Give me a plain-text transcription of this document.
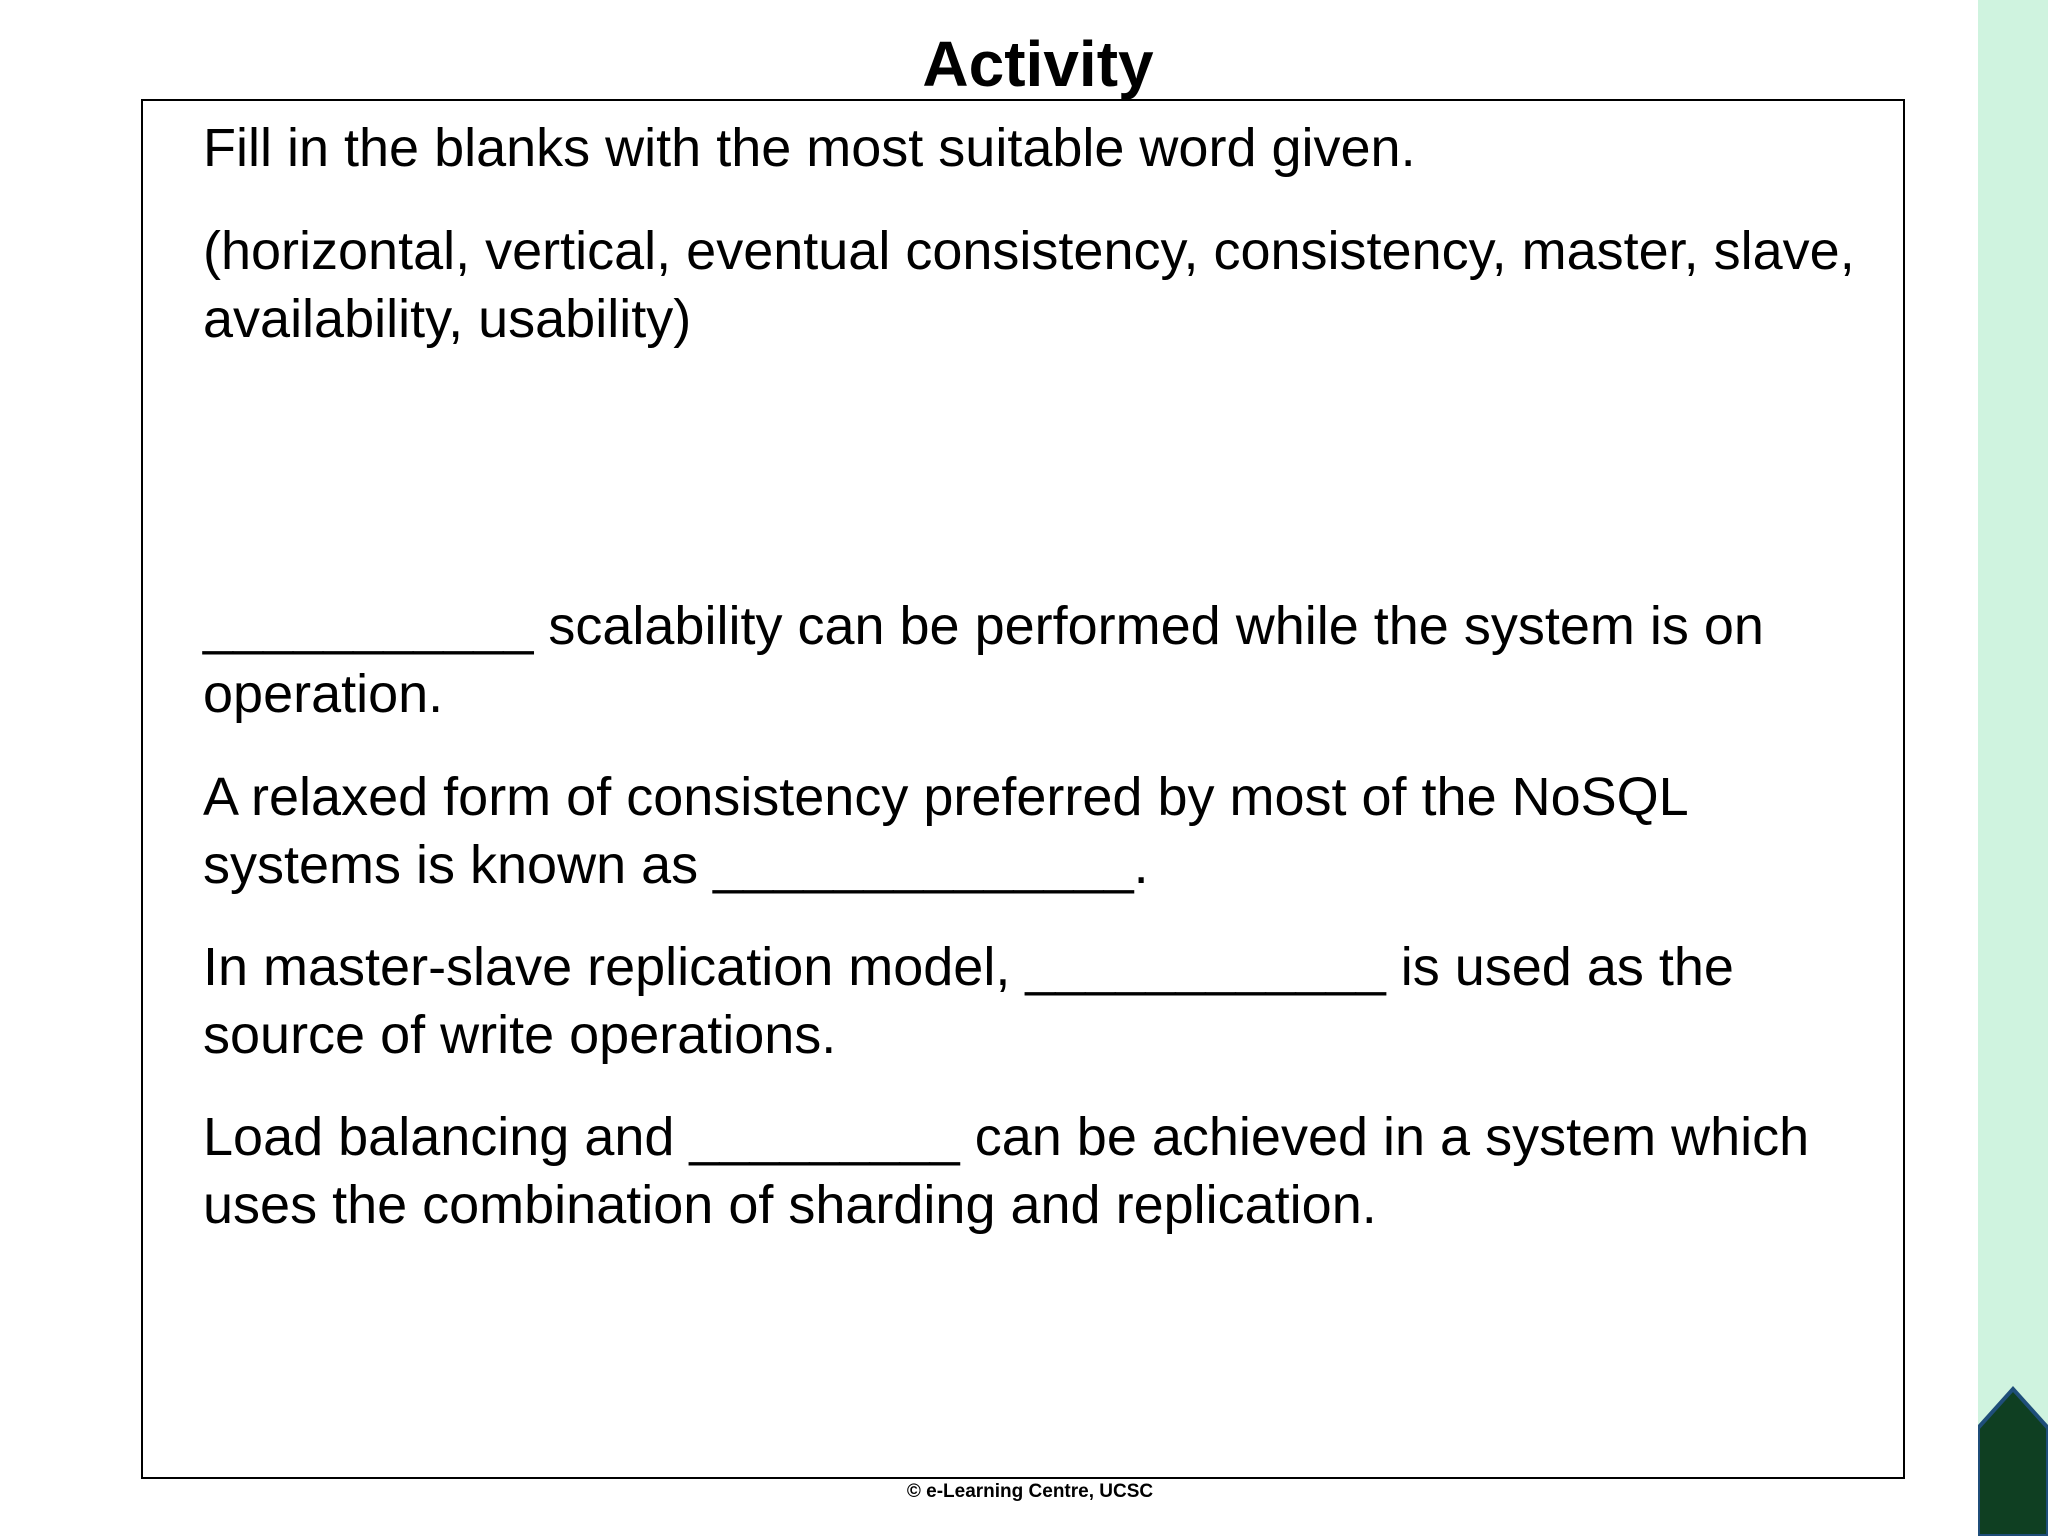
Activity

Fill in the blanks with the most suitable word given.

(horizontal, vertical, eventual consistency, consistency, master, slave, availability, usability)

___________ scalability can be performed while the system is on operation.

A relaxed form of consistency preferred by most of the NoSQL systems is known as ______________.

In master-slave replication model, ____________ is used as the source of write operations.

Load balancing and _________ can be achieved in a system which uses the combination of sharding and replication.

© e-Learning Centre, UCSC
